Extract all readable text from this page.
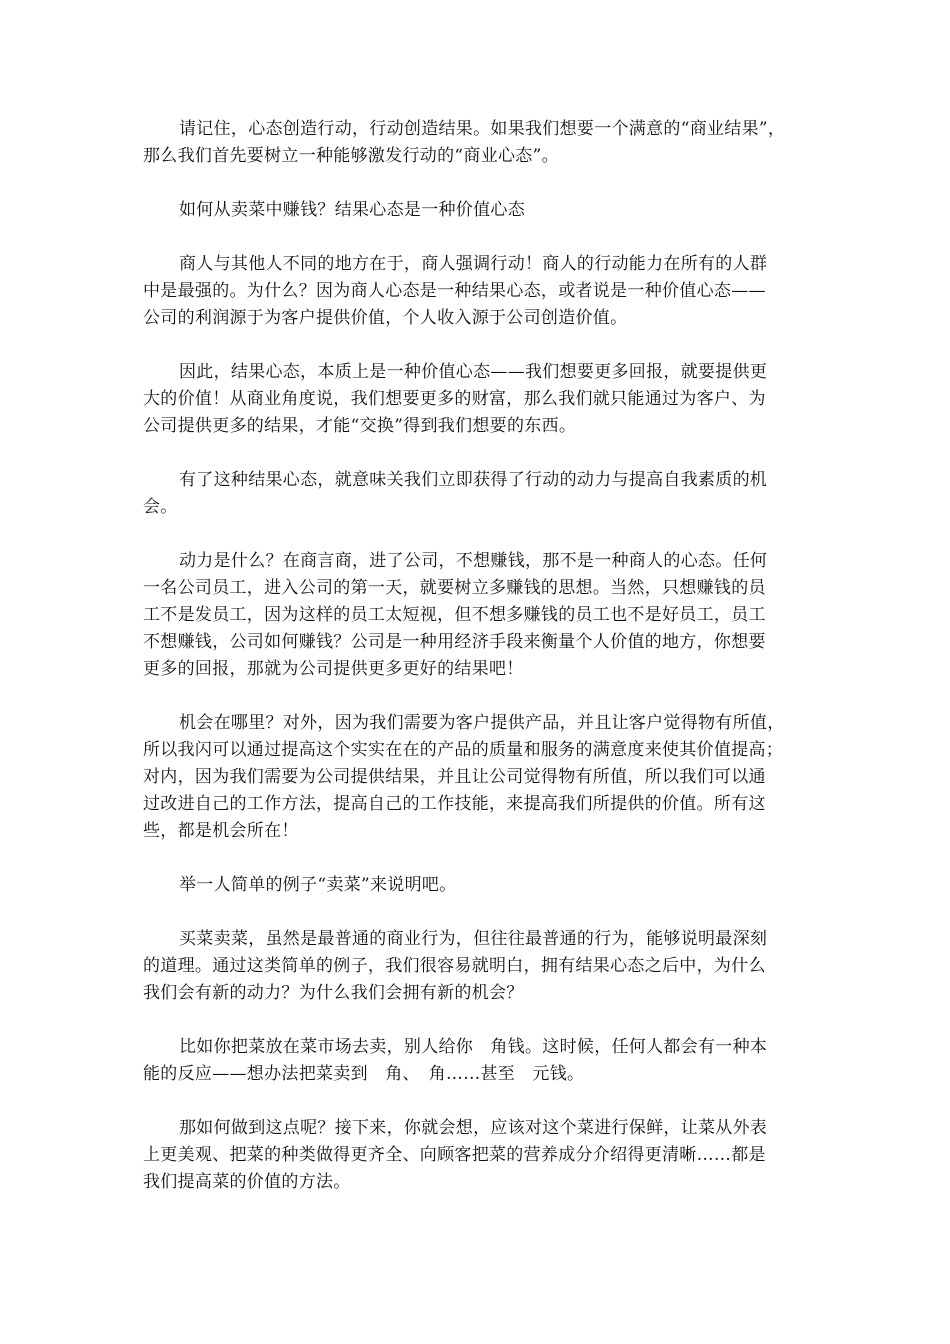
请记住，心态创造行动，行动创造结果。如果我们想要一个满意的“商业结果”，
那么我们首先要树立一种能够激发行动的“商业心态”。

如何从卖菜中赚钱？结果心态是一种价值心态

商人与其他人不同的地方在于，商人强调行动！商人的行动能力在所有的人群
中是最强的。为什么？因为商人心态是一种结果心态，或者说是一种价值心态——
公司的利润源于为客户提供价值，个人收入源于公司创造价值。

因此，结果心态，本质上是一种价值心态——我们想要更多回报，就要提供更
大的价值！从商业角度说，我们想要更多的财富，那么我们就只能通过为客户、为
公司提供更多的结果，才能“交换”得到我们想要的东西。

有了这种结果心态，就意味关我们立即获得了行动的动力与提高自我素质的机
会。

动力是什么？在商言商，进了公司，不想赚钱，那不是一种商人的心态。任何
一名公司员工，进入公司的第一天，就要树立多赚钱的思想。当然，只想赚钱的员
工不是发员工，因为这样的员工太短视，但不想多赚钱的员工也不是好员工，员工
不想赚钱，公司如何赚钱？公司是一种用经济手段来衡量个人价值的地方，你想要
更多的回报，那就为公司提供更多更好的结果吧！

机会在哪里？对外，因为我们需要为客户提供产品，并且让客户觉得物有所值，
所以我闪可以通过提高这个实实在在的产品的质量和服务的满意度来使其价值提高；
对内，因为我们需要为公司提供结果，并且让公司觉得物有所值，所以我们可以通
过改进自己的工作方法，提高自己的工作技能，来提高我们所提供的价值。所有这
些，都是机会所在！

举一人简单的例子“卖菜”来说明吧。

买菜卖菜，虽然是最普通的商业行为，但往往最普通的行为，能够说明最深刻
的道理。通过这类简单的例子，我们很容易就明白，拥有结果心态之后中，为什么
我们会有新的动力？为什么我们会拥有新的机会？

比如你把菜放在菜市场去卖，别人给你　角钱。这时候，任何人都会有一种本
能的反应——想办法把菜卖到　角、　角……甚至　元钱。

那如何做到这点呢？接下来，你就会想，应该对这个菜进行保鲜，让菜从外表
上更美观、把菜的种类做得更齐全、向顾客把菜的营养成分介绍得更清晰……都是
我们提高菜的价值的方法。
